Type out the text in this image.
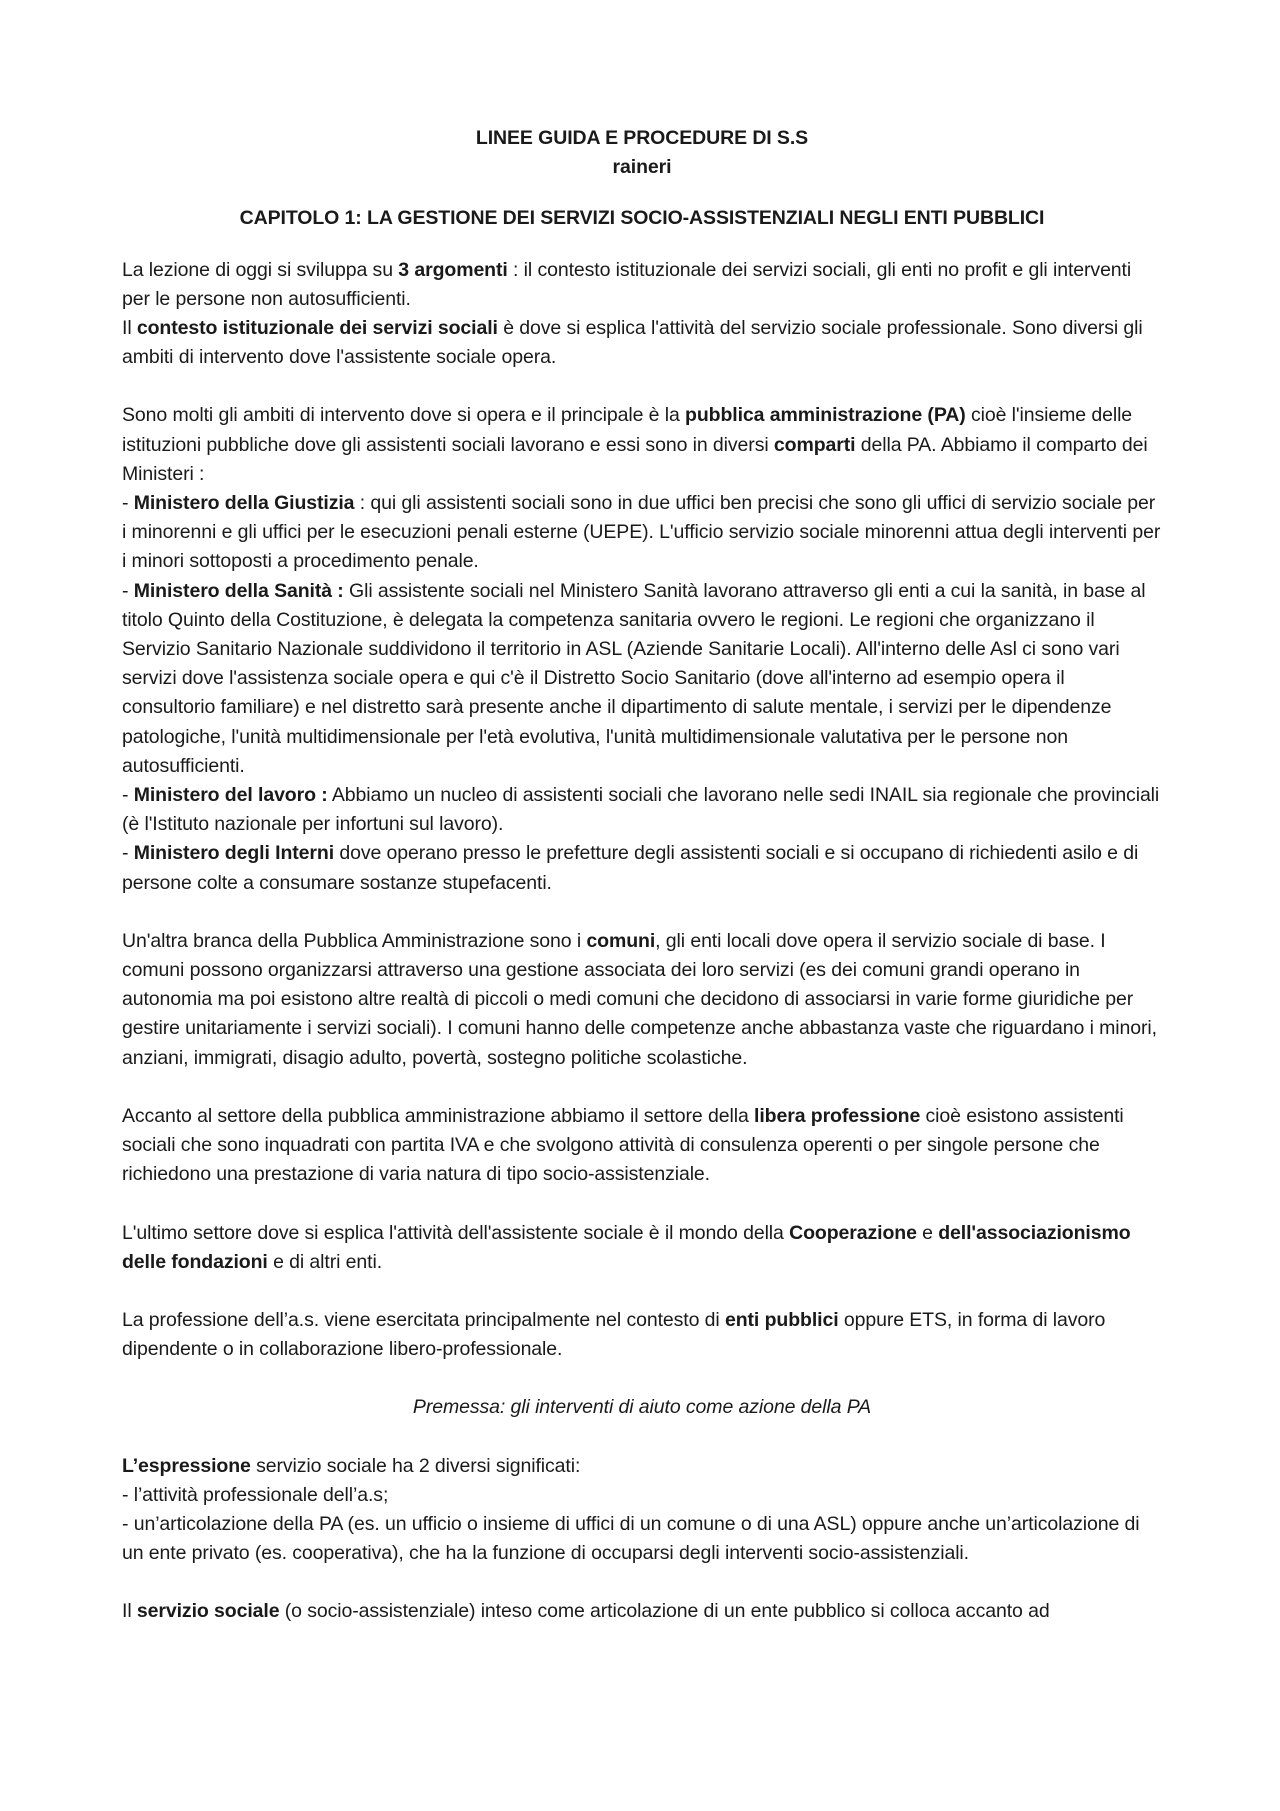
LINEE GUIDA E PROCEDURE DI S.S

raineri

CAPITOLO 1: LA GESTIONE DEI SERVIZI SOCIO-ASSISTENZIALI NEGLI ENTI PUBBLICI

La lezione di oggi si sviluppa su 3 argomenti : il contesto istituzionale dei servizi sociali, gli enti no profit e gli interventi per le persone non autosufficienti.
Il contesto istituzionale dei servizi sociali è dove si esplica l'attività del servizio sociale professionale. Sono diversi gli ambiti di intervento dove l'assistente sociale opera.

Sono molti gli ambiti di intervento dove si opera e il principale è la pubblica amministrazione (PA) cioè l'insieme delle istituzioni pubbliche dove gli assistenti sociali lavorano e essi sono in diversi comparti della PA. Abbiamo il comparto dei Ministeri :
- Ministero della Giustizia : qui gli assistenti sociali sono in due uffici ben precisi che sono gli uffici di servizio sociale per i minorenni e gli uffici per le esecuzioni penali esterne (UEPE). L'ufficio servizio sociale minorenni attua degli interventi per i minori sottoposti a procedimento penale.
- Ministero della Sanità : Gli assistente sociali nel Ministero Sanità lavorano attraverso gli enti a cui la sanità, in base al titolo Quinto della Costituzione, è delegata la competenza sanitaria ovvero le regioni. Le regioni che organizzano il Servizio Sanitario Nazionale suddividono il territorio in ASL (Aziende Sanitarie Locali). All'interno delle Asl ci sono vari servizi dove l'assistenza sociale opera e qui c'è il Distretto Socio Sanitario (dove all'interno ad esempio opera il consultorio familiare) e nel distretto sarà presente anche il dipartimento di salute mentale, i servizi per le dipendenze patologiche, l'unità multidimensionale per l'età evolutiva, l'unità multidimensionale valutativa per le persone non autosufficienti.
- Ministero del lavoro : Abbiamo un nucleo di assistenti sociali che lavorano nelle sedi INAIL sia regionale che provinciali (è l'Istituto nazionale per infortuni sul lavoro).
- Ministero degli Interni dove operano presso le prefetture degli assistenti sociali e si occupano di richiedenti asilo e di persone colte a consumare sostanze stupefacenti.

Un'altra branca della Pubblica Amministrazione sono i comuni, gli enti locali dove opera il servizio sociale di base. I comuni possono organizzarsi attraverso una gestione associata dei loro servizi (es dei comuni grandi operano in autonomia ma poi esistono altre realtà di piccoli o medi comuni che decidono di associarsi in varie forme giuridiche per gestire unitariamente i servizi sociali). I comuni hanno delle competenze anche abbastanza vaste che riguardano i minori, anziani, immigrati, disagio adulto, povertà, sostegno politiche scolastiche.

Accanto al settore della pubblica amministrazione abbiamo il settore della libera professione cioè esistono assistenti sociali che sono inquadrati con partita IVA e che svolgono attività di consulenza operenti o per singole persone che richiedono una prestazione di varia natura di tipo socio-assistenziale.

L'ultimo settore dove si esplica l'attività dell'assistente sociale è il mondo della Cooperazione e dell'associazionismo delle fondazioni e di altri enti.

La professione dell’a.s. viene esercitata principalmente nel contesto di enti pubblici oppure ETS, in forma di lavoro dipendente o in collaborazione libero-professionale.

Premessa: gli interventi di aiuto come azione della PA

L’espressione servizio sociale ha 2 diversi significati:
- l’attività professionale dell’a.s;
- un’articolazione della PA (es. un ufficio o insieme di uffici di un comune o di una ASL) oppure anche un’articolazione di un ente privato (es. cooperativa), che ha la funzione di occuparsi degli interventi socio-assistenziali.

Il servizio sociale (o socio-assistenziale) inteso come articolazione di un ente pubblico si colloca accanto ad
